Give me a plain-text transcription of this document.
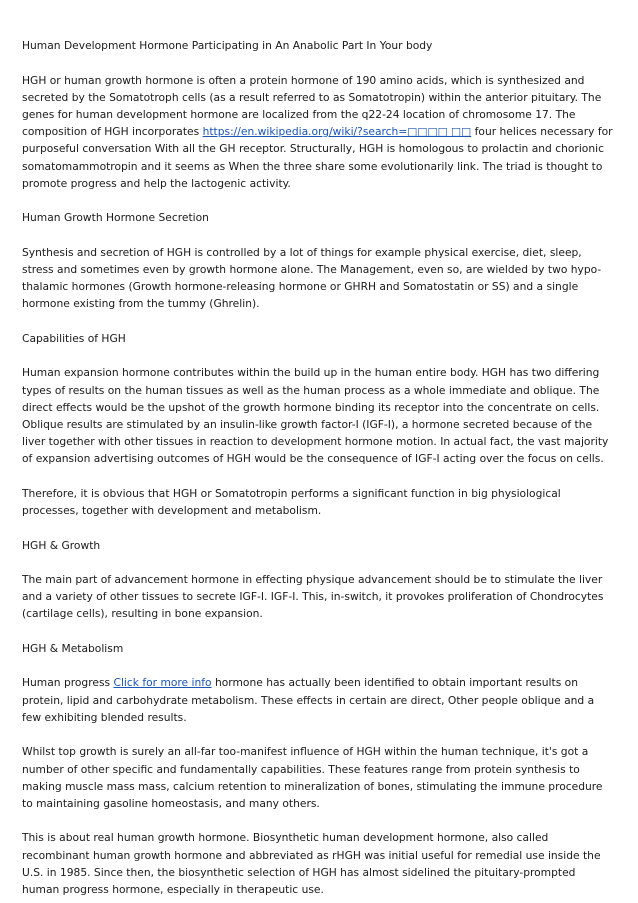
Human Development Hormone Participating in An Anabolic Part In Your body

HGH or human growth hormone is often a protein hormone of 190 amino acids, which is synthesized and secreted by the Somatotroph cells (as a result referred to as Somatotropin) within the anterior pituitary. The genes for human development hormone are localized from the q22-24 location of chromosome 17. The composition of HGH incorporates https://en.wikipedia.org/wiki/?search=□□□□ □□ four helices necessary for purposeful conversation With all the GH receptor. Structurally, HGH is homologous to prolactin and chorionic somatomammotropin and it seems as When the three share some evolutionarily link. The triad is thought to promote progress and help the lactogenic activity.

Human Growth Hormone Secretion

Synthesis and secretion of HGH is controlled by a lot of things for example physical exercise, diet, sleep, stress and sometimes even by growth hormone alone. The Management, even so, are wielded by two hypo-thalamic hormones (Growth hormone-releasing hormone or GHRH and Somatostatin or SS) and a single hormone existing from the tummy (Ghrelin).

Capabilities of HGH

Human expansion hormone contributes within the build up in the human entire body. HGH has two differing types of results on the human tissues as well as the human process as a whole immediate and oblique. The direct effects would be the upshot of the growth hormone binding its receptor into the concentrate on cells. Oblique results are stimulated by an insulin-like growth factor-I (IGF-I), a hormone secreted because of the liver together with other tissues in reaction to development hormone motion. In actual fact, the vast majority of expansion advertising outcomes of HGH would be the consequence of IGF-I acting over the focus on cells.

Therefore, it is obvious that HGH or Somatotropin performs a significant function in big physiological processes, together with development and metabolism.

HGH & Growth

The main part of advancement hormone in effecting physique advancement should be to stimulate the liver and a variety of other tissues to secrete IGF-I. IGF-I. This, in-switch, it provokes proliferation of Chondrocytes (cartilage cells), resulting in bone expansion.

HGH & Metabolism

Human progress Click for more info hormone has actually been identified to obtain important results on protein, lipid and carbohydrate metabolism. These effects in certain are direct, Other people oblique and a few exhibiting blended results.

Whilst top growth is surely an all-far too-manifest influence of HGH within the human technique, it's got a number of other specific and fundamentally capabilities. These features range from protein synthesis to making muscle mass mass, calcium retention to mineralization of bones, stimulating the immune procedure to maintaining gasoline homeostasis, and many others.

This is about real human growth hormone. Biosynthetic human development hormone, also called recombinant human growth hormone and abbreviated as rHGH was initial useful for remedial use inside the U.S. in 1985. Since then, the biosynthetic selection of HGH has almost sidelined the pituitary-prompted human progress hormone, especially in therapeutic use.
